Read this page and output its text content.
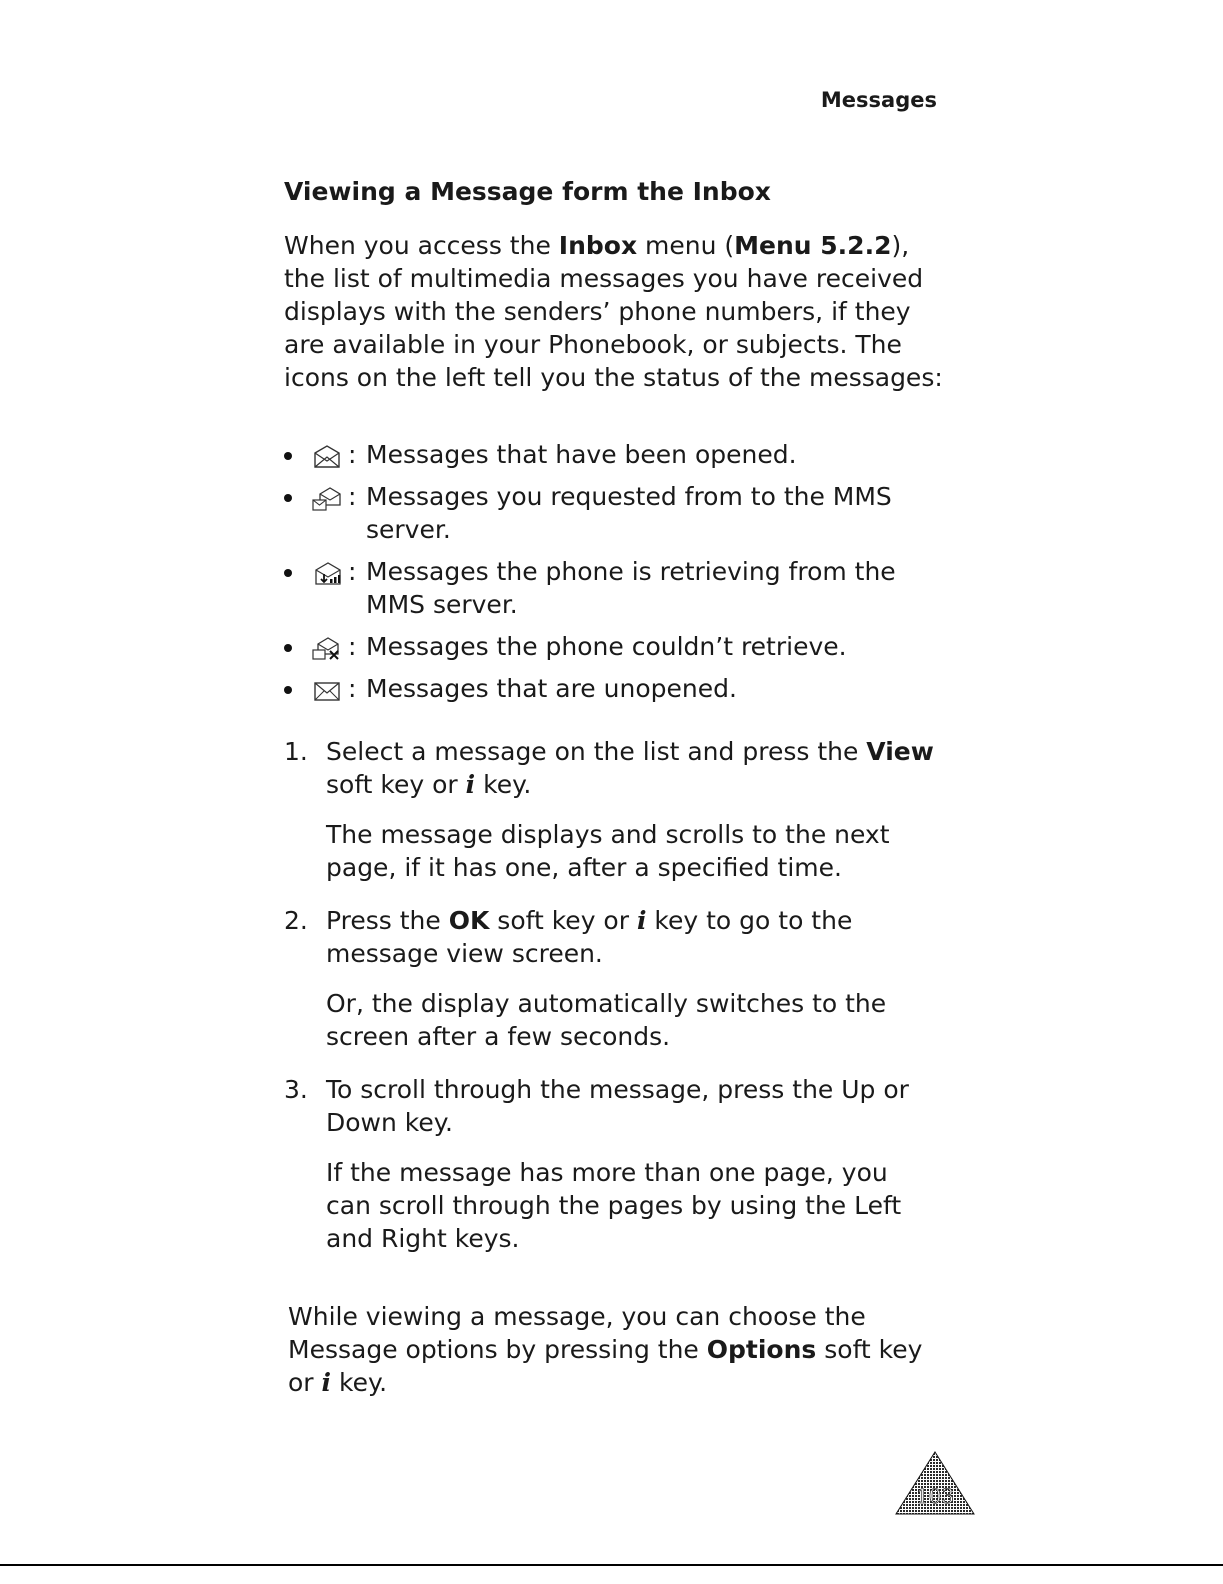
Messages
Viewing a Message form the Inbox

When you access the Inbox menu (Menu 5.2.2), the list of multimedia messages you have received displays with the senders’ phone numbers, if they are available in your Phonebook, or subjects. The icons on the left tell you the status of the messages:

: Messages that have been opened.
: Messages you requested from to the MMS server.
: Messages the phone is retrieving from the MMS server.
: Messages the phone couldn’t retrieve.
: Messages that are unopened.
1. Select a message on the list and press the View soft key or i key.

The message displays and scrolls to the next page, if it has one, after a specified time.

2. Press the OK soft key or i key to go to the message view screen.

Or, the display automatically switches to the screen after a few seconds.

3. To scroll through the message, press the Up or Down key.

If the message has more than one page, you can scroll through the pages by using the Left and Right keys.

While viewing a message, you can choose the Message options by pressing the Options soft key or i key.

103
